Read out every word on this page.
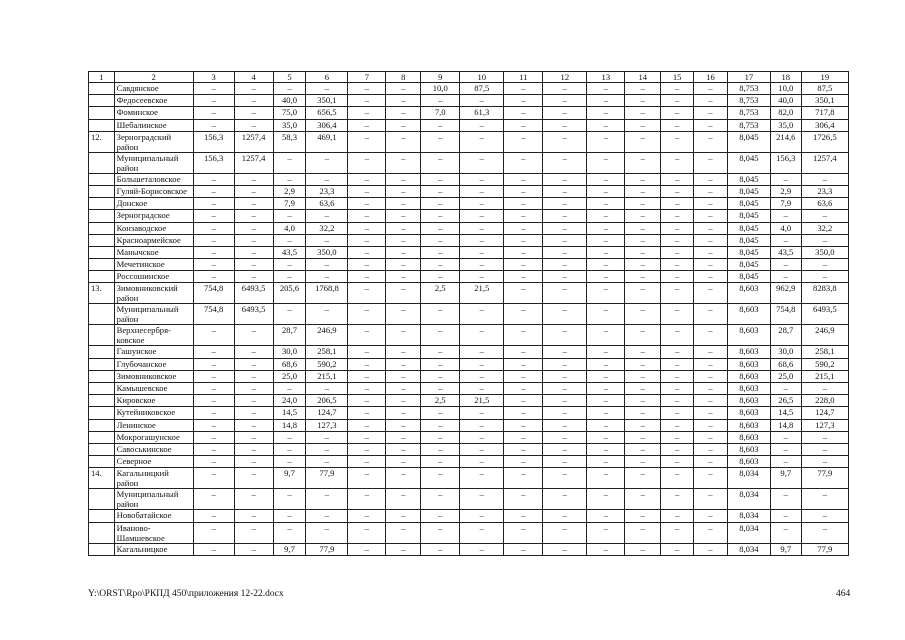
1	2	3	4	5	6	7	8	9	10	11	12	13	14	15	16	17	18	19
	Савдянское	–	–	–	–	–	–	10,0	87,5	–	–	–	–	–	–	8,753	10,0	87,5
	Федосеевское	–	–	40,0	350,1	–	–	–	–	–	–	–	–	–	–	8,753	40,0	350,1
	Фоминское	–	–	75,0	656,5	–	–	7,0	61,3	–	–	–	–	–	–	8,753	82,0	717,8
	Шебалинское	–	–	35,0	306,4	–	–	–	–	–	–	–	–	–	–	8,753	35,0	306,4
12.	Зерноградский район	156,3	1257,4	58,3	469,1	–	–	–	–	–	–	–	–	–	–	8,045	214,6	1726,5
	Муниципальный район	156,3	1257,4	–	–	–	–	–	–	–	–	–	–	–	–	8,045	156,3	1257,4
	Большеталовское	–	–	–	–	–	–	–	–	–	–	–	–	–	–	8,045	–	–
	Гуляй-Борисовское	–	–	2,9	23,3	–	–	–	–	–	–	–	–	–	–	8,045	2,9	23,3
	Донское	–	–	7,9	63,6	–	–	–	–	–	–	–	–	–	–	8,045	7,9	63,6
	Зерноградское	–	–	–	–	–	–	–	–	–	–	–	–	–	–	8,045	–	–
	Конзаводское	–	–	4,0	32,2	–	–	–	–	–	–	–	–	–	–	8,045	4,0	32,2
	Красноармейское	–	–	–	–	–	–	–	–	–	–	–	–	–	–	8,045	–	–
	Манычское	–	–	43,5	350,0	–	–	–	–	–	–	–	–	–	–	8,045	43,5	350,0
	Мечетинское	–	–	–	–	–	–	–	–	–	–	–	–	–	–	8,045	–	–
	Россошинское	–	–	–	–	–	–	–	–	–	–	–	–	–	–	8,045	–	–
13.	Зимовниковский район	754,8	6493,5	205,6	1768,8	–	–	2,5	21,5	–	–	–	–	–	–	8,603	962,9	8283,8
	Муниципальный район	754,8	6493,5	–	–	–	–	–	–	–	–	–	–	–	–	8,603	754,8	6493,5
	Верхнесербря-ковское	–	–	28,7	246,9	–	–	–	–	–	–	–	–	–	–	8,603	28,7	246,9
	Гашунское	–	–	30,0	258,1	–	–	–	–	–	–	–	–	–	–	8,603	30,0	258,1
	Глубочанское	–	–	68,6	590,2	–	–	–	–	–	–	–	–	–	–	8,603	68,6	590,2
	Зимовниковское	–	–	25,0	215,1	–	–	–	–	–	–	–	–	–	–	8,603	25,0	215,1
	Камышевское	–	–	–	–	–	–	–	–	–	–	–	–	–	–	8,603	–	–
	Кировское	–	–	24,0	206,5	–	–	2,5	21,5	–	–	–	–	–	–	8,603	26,5	228,0
	Кутейниковское	–	–	14,5	124,7	–	–	–	–	–	–	–	–	–	–	8,603	14,5	124,7
	Ленинское	–	–	14,8	127,3	–	–	–	–	–	–	–	–	–	–	8,603	14,8	127,3
	Мокрогашунское	–	–	–	–	–	–	–	–	–	–	–	–	–	–	8,603	–	–
	Савоськинское	–	–	–	–	–	–	–	–	–	–	–	–	–	–	8,603	–	–
	Северное	–	–	–	–	–	–	–	–	–	–	–	–	–	–	8,603	–	–
14.	Кагальницкий район	–	–	9,7	77,9	–	–	–	–	–	–	–	–	–	–	8,034	9,7	77,9
	Муниципальный район	–	–	–	–	–	–	–	–	–	–	–	–	–	–	8,034	–	–
	Новобатайское	–	–	–	–	–	–	–	–	–	–	–	–	–	–	8,034	–	–
	Иваново-Шамшевское	–	–	–	–	–	–	–	–	–	–	–	–	–	–	8,034	–	–
	Кагальницкое	–	–	9,7	77,9	–	–	–	–	–	–	–	–	–	–	8,034	9,7	77,9
Y:\ORST\Rpo\РКПД 450\приложения 12-22.docx	464
